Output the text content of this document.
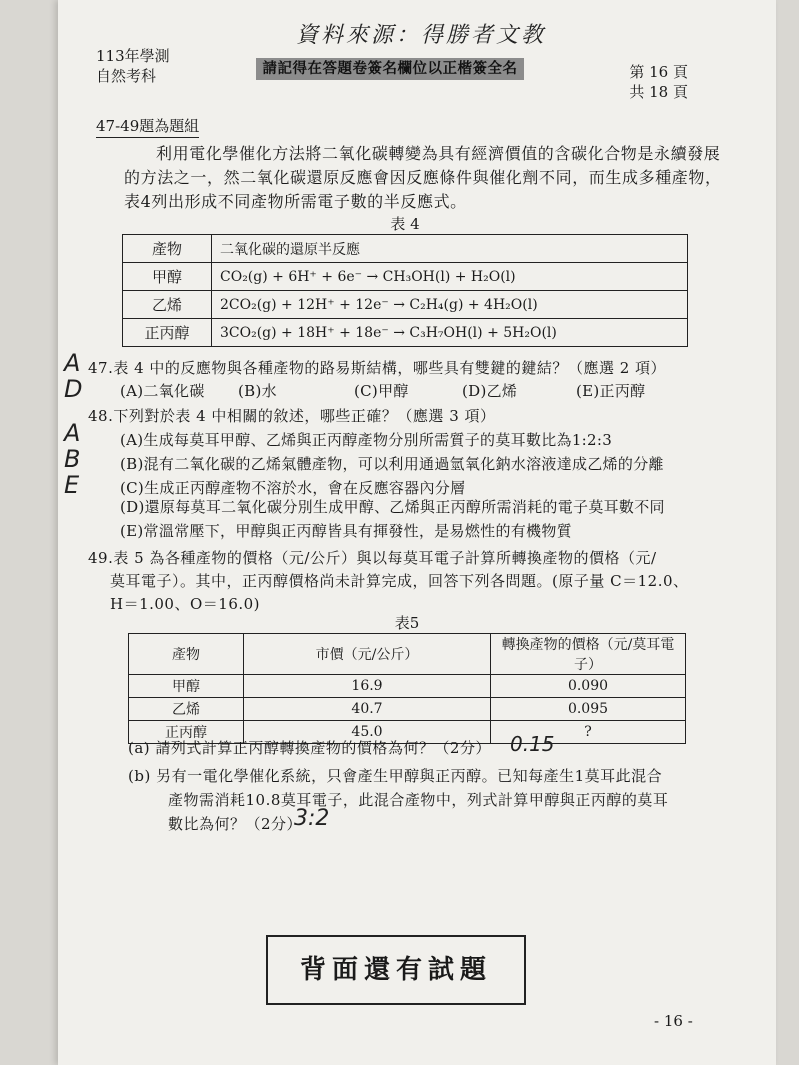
資料來源：得勝者文教
113年學測
自然考科	請記得在答題卷簽名欄位以正楷簽全名	第 16 頁
共 18 頁
47-49題為題組
利用電化學催化方法將二氧化碳轉變為具有經濟價值的含碳化合物是永續發展的方法之一，然二氧化碳還原反應會因反應條件與催化劑不同，而生成多種產物，表4列出形成不同產物所需電子數的半反應式。
表 4
產物	二氧化碳的還原半反應
甲醇	CO₂(g) + 6H⁺ + 6e⁻ → CH₃OH(l) + H₂O(l)
乙烯	2CO₂(g) + 12H⁺ + 12e⁻ → C₂H₄(g) + 4H₂O(l)
正丙醇	3CO₂(g) + 18H⁺ + 18e⁻ → C₃H₇OH(l) + 5H₂O(l)
47.表 4 中的反應物與各種產物的路易斯結構，哪些具有雙鍵的鍵結？（應選 2 項）
(A)二氧化碳 (B)水	(C)甲醇	(D)乙烯	(E)正丙醇
48.下列對於表 4 中相關的敘述，哪些正確？（應選 3 項）
(A)生成每莫耳甲醇、乙烯與正丙醇產物分別所需質子的莫耳數比為1:2:3
(B)混有二氧化碳的乙烯氣體產物，可以利用通過氫氧化鈉水溶液達成乙烯的分離
(C)生成正丙醇產物不溶於水，會在反應容器內分層
(D)還原每莫耳二氧化碳分別生成甲醇、乙烯與正丙醇所需消耗的電子莫耳數不同
(E)常溫常壓下，甲醇與正丙醇皆具有揮發性，是易燃性的有機物質
49.表 5 為各種產物的價格（元/公斤）與以每莫耳電子計算所轉換產物的價格（元/
莫耳電子）。其中，正丙醇價格尚未計算完成，回答下列各問題。(原子量 C＝12.0、
H＝1.00、O＝16.0)
表5
產物	市價（元/公斤）	轉換產物的價格（元/莫耳電子）
甲醇	16.9	0.090
乙烯	40.7	0.095
正丙醇	45.0	?
(a) 請列式計算正丙醇轉換產物的價格為何？（2分） 0.15
(b) 另有一電化學催化系統，只會產生甲醇與正丙醇。已知每產生1莫耳此混合
產物需消耗10.8莫耳電子，此混合產物中，列式計算甲醇與正丙醇的莫耳
數比為何？（2分）
3:2
背面還有試題
- 16 -
A D
A B E
